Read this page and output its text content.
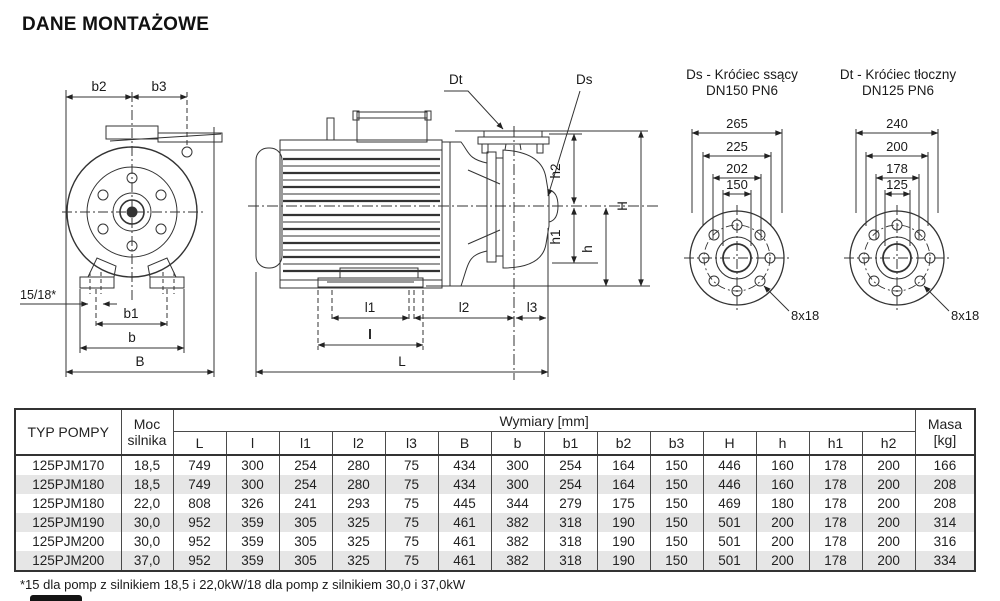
DANE MONTAŻOWE
b2	b3
15/18*
b1
b
B
Dt	Ds
h2
h1
h
H
l1	l2	l3
l
L
Ds - Króćiec ssący
DN150 PN6
265
225
202
150
8x18
Dt - Króćiec tłoczny
DN125 PN6
240
200
178
125
8x18
TYP POMPY	Moc silnika	Wymiary [mm]														Masa [kg]
		L	l	l1	l2	l3	B	b	b1	b2	b3	H	h	h1	h2	
125PJM170	18,5	749	300	254	280	75	434	300	254	164	150	446	160	178	200	166
125PJM180	18,5	749	300	254	280	75	434	300	254	164	150	446	160	178	200	208
125PJM180	22,0	808	326	241	293	75	445	344	279	175	150	469	180	178	200	208
125PJM190	30,0	952	359	305	325	75	461	382	318	190	150	501	200	178	200	314
125PJM200	30,0	952	359	305	325	75	461	382	318	190	150	501	200	178	200	316
125PJM200	37,0	952	359	305	325	75	461	382	318	190	150	501	200	178	200	334
*15 dla pomp z silnikiem 18,5 i 22,0kW/18 dla pomp z silnikiem 30,0 i 37,0kW
